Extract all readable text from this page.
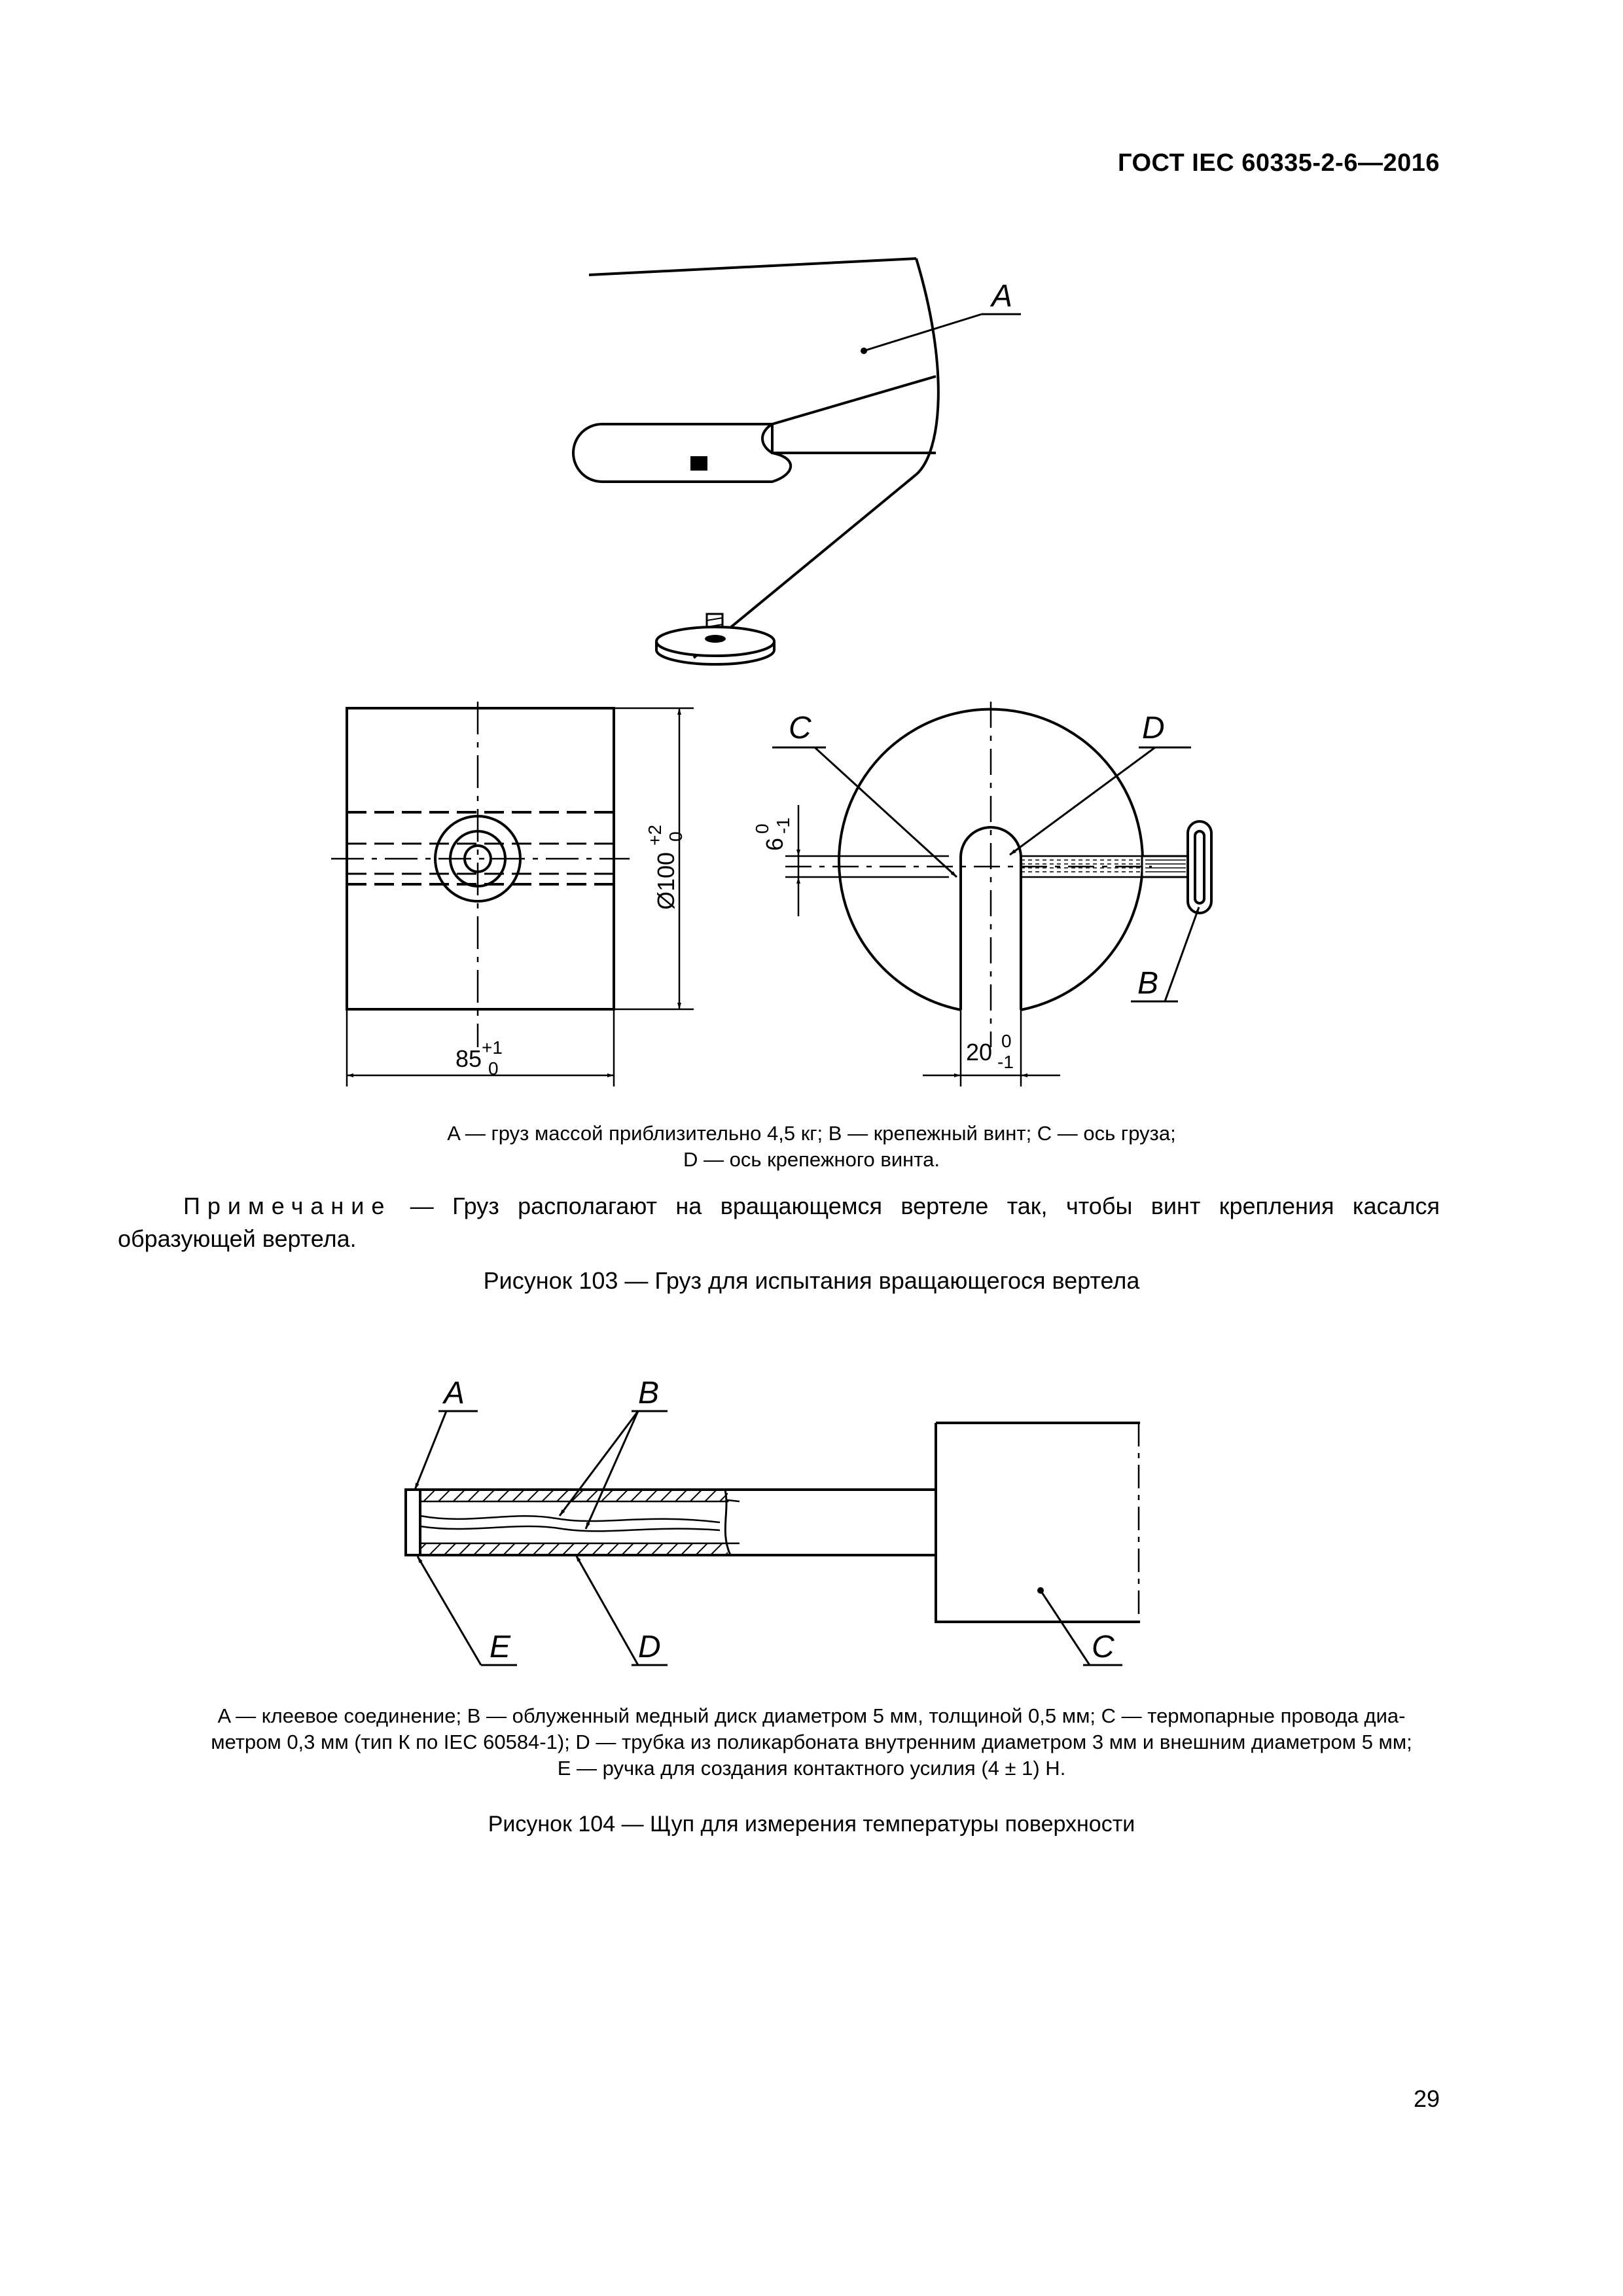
ГОСТ IEC 60335-2-6—2016
A
Ø100
+2 0
85 +1
0
6
0 -1
20 0
-1
C	D
B
A — груз массой приблизительно 4,5 кг; B — крепежный винт; C — ось груза;
D — ось крепежного винта.
Примечание — Груз располагают на вращающемся вертеле так, чтобы винт крепления касался образующей вертела.
Рисунок 103 — Груз для испытания вращающегося вертела
A	B
E	D	C
A — клеевое соединение; B — облуженный медный диск диаметром 5 мм, толщиной 0,5 мм; C — термопарные провода диа-
метром 0,3 мм (тип К по IEC 60584-1); D — трубка из поликарбоната внутренним диаметром 3 мм и внешним диаметром 5 мм;
E — ручка для создания контактного усилия (4 ± 1) Н.
Рисунок 104 — Щуп для измерения температуры поверхности
29
